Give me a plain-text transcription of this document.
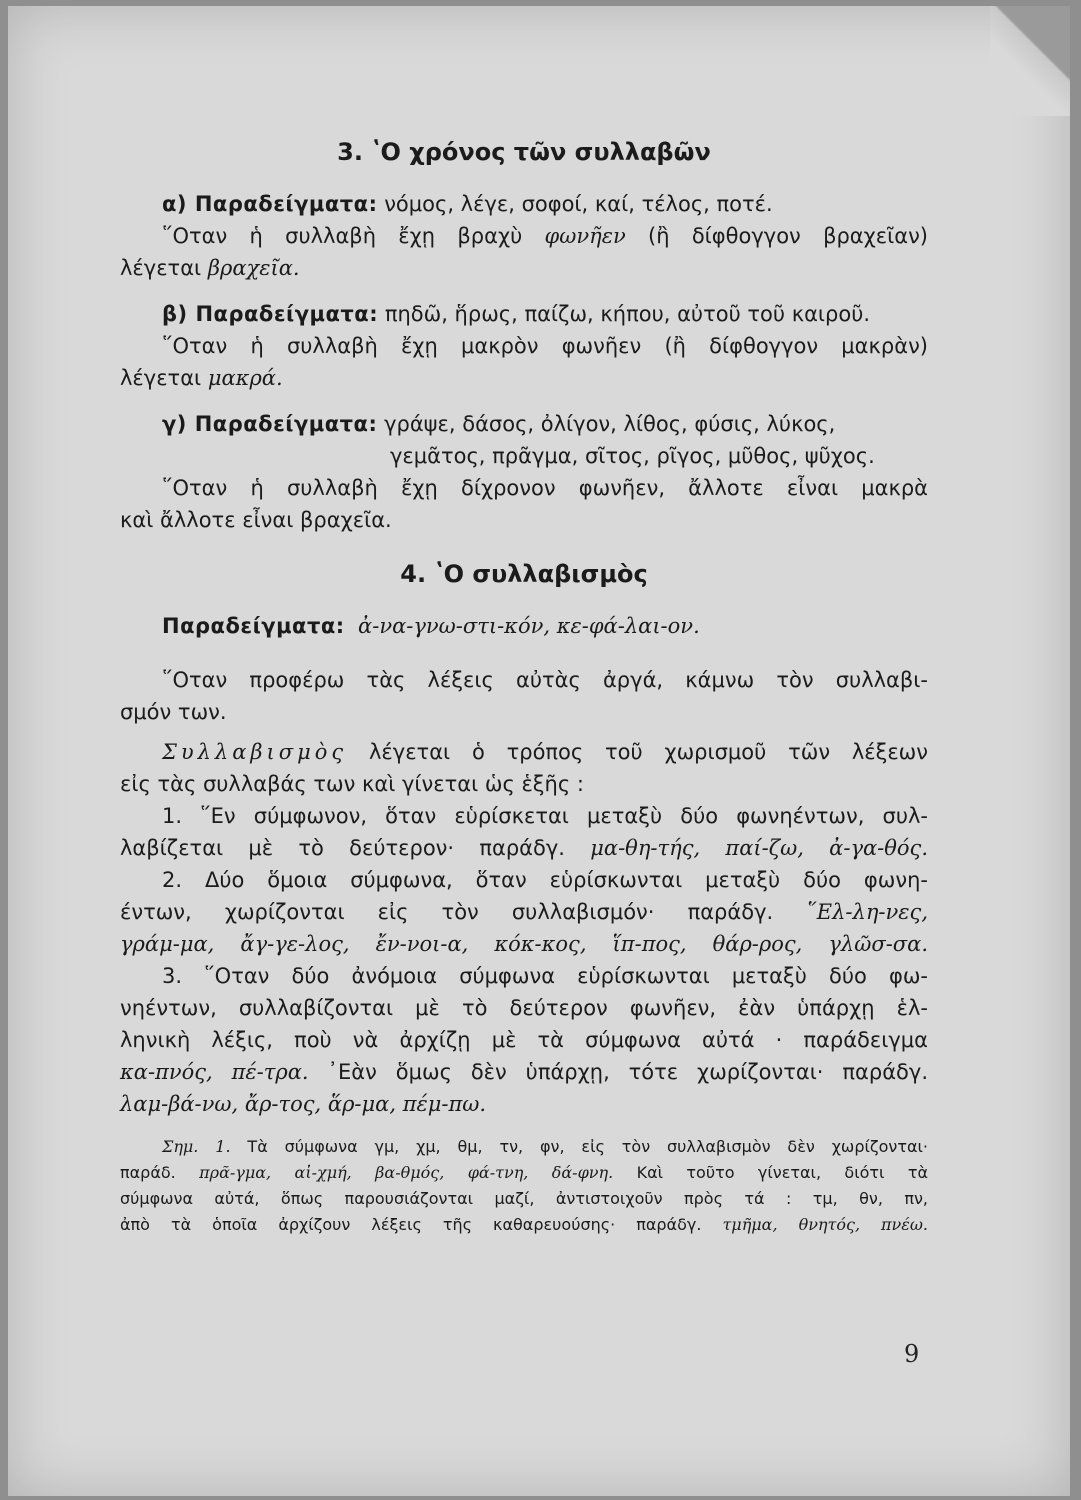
3. ʽΟ χρόνος τῶν συλλαβῶν
α) Παραδείγματα: νόμος, λέγε, σοφοί, καί, τέλος, ποτέ.
῞Οταν ἡ συλλαβὴ ἔχῃ βραχὺ φωνῆεν (ἢ δίφθογγον βραχεῖαν)
λέγεται βραχεῖα.
β) Παραδείγματα: πηδῶ, ἥρως, παίζω, κήπου, αὐτοῦ τοῦ καιροῦ.
῞Οταν ἡ συλλαβὴ ἔχῃ μακρὸν φωνῆεν (ἢ δίφθογγον μακρὰν)
λέγεται μακρά.
γ) Παραδείγματα: γράψε, δάσος, ὀλίγον, λίθος, φύσις, λύκος,
γεμᾶτος, πρᾶγμα, σῖτος, ρῖγος, μῦθος, ψῦχος.
῞Οταν ἡ συλλαβὴ ἔχῃ δίχρονον φωνῆεν, ἄλλοτε εἶναι μακρὰ
καὶ ἄλλοτε εἶναι βραχεῖα.
4. ʽΟ συλλαβισμὸς
Παραδείγματα: ἀ-να-γνω-στι-κόν, κε-φά-λαι-ον.
῞Οταν προφέρω τὰς λέξεις αὐτὰς ἀργά, κάμνω τὸν συλλαβι-
σμόν των.
Συλλαβισμὸς λέγεται ὁ τρόπος τοῦ χωρισμοῦ τῶν λέξεων
εἰς τὰς συλλαβάς των καὶ γίνεται ὡς ἑξῆς :
1. ῞Εν σύμφωνον, ὅταν εὑρίσκεται μεταξὺ δύο φωνηέντων, συλ-
λαβίζεται μὲ τὸ δεύτερον· παράδγ. μα-θη-τής, παί-ζω, ἀ-γα-θός.
2. Δύο ὅμοια σύμφωνα, ὅταν εὑρίσκωνται μεταξὺ δύο φωνη-
έντων, χωρίζονται εἰς τὸν συλλαβισμόν· παράδγ. ῞Ελ-λη-νες,
γράμ-μα, ἄγ-γε-λος, ἔν-νοι-α, κόκ-κος, ἵπ-πος, θάρ-ρος, γλῶσ-σα.
3. ῞Οταν δύο ἀνόμοια σύμφωνα εὑρίσκωνται μεταξὺ δύο φω-
νηέντων, συλλαβίζονται μὲ τὸ δεύτερον φωνῆεν, ἐὰν ὑπάρχῃ ἑλ-
ληνικὴ λέξις, ποὺ νὰ ἀρχίζῃ μὲ τὰ σύμφωνα αὐτά · παράδειγμα
κα-πνός, πέ-τρα. ᾿Εὰν ὅμως δὲν ὑπάρχῃ, τότε χωρίζονται· παράδγ.
λαμ-βά-νω, ἄρ-τος, ἅρ-μα, πέμ-πω.
Σημ. 1. Τὰ σύμφωνα γμ, χμ, θμ, τν, φν, εἰς τὸν συλλαβισμὸν δὲν χωρίζονται·
παράδ. πρᾶ-γμα, αἰ-χμή, βα-θμός, φά-τνη, δά-φνη. Καὶ τοῦτο γίνεται, διότι τὰ
σύμφωνα αὐτά, ὅπως παρουσιάζονται μαζί, ἀντιστοιχοῦν πρὸς τά : τμ, θν, πν,
ἀπὸ τὰ ὁποῖα ἀρχίζουν λέξεις τῆς καθαρευούσης· παράδγ. τμῆμα, θνητός, πνέω.
9
